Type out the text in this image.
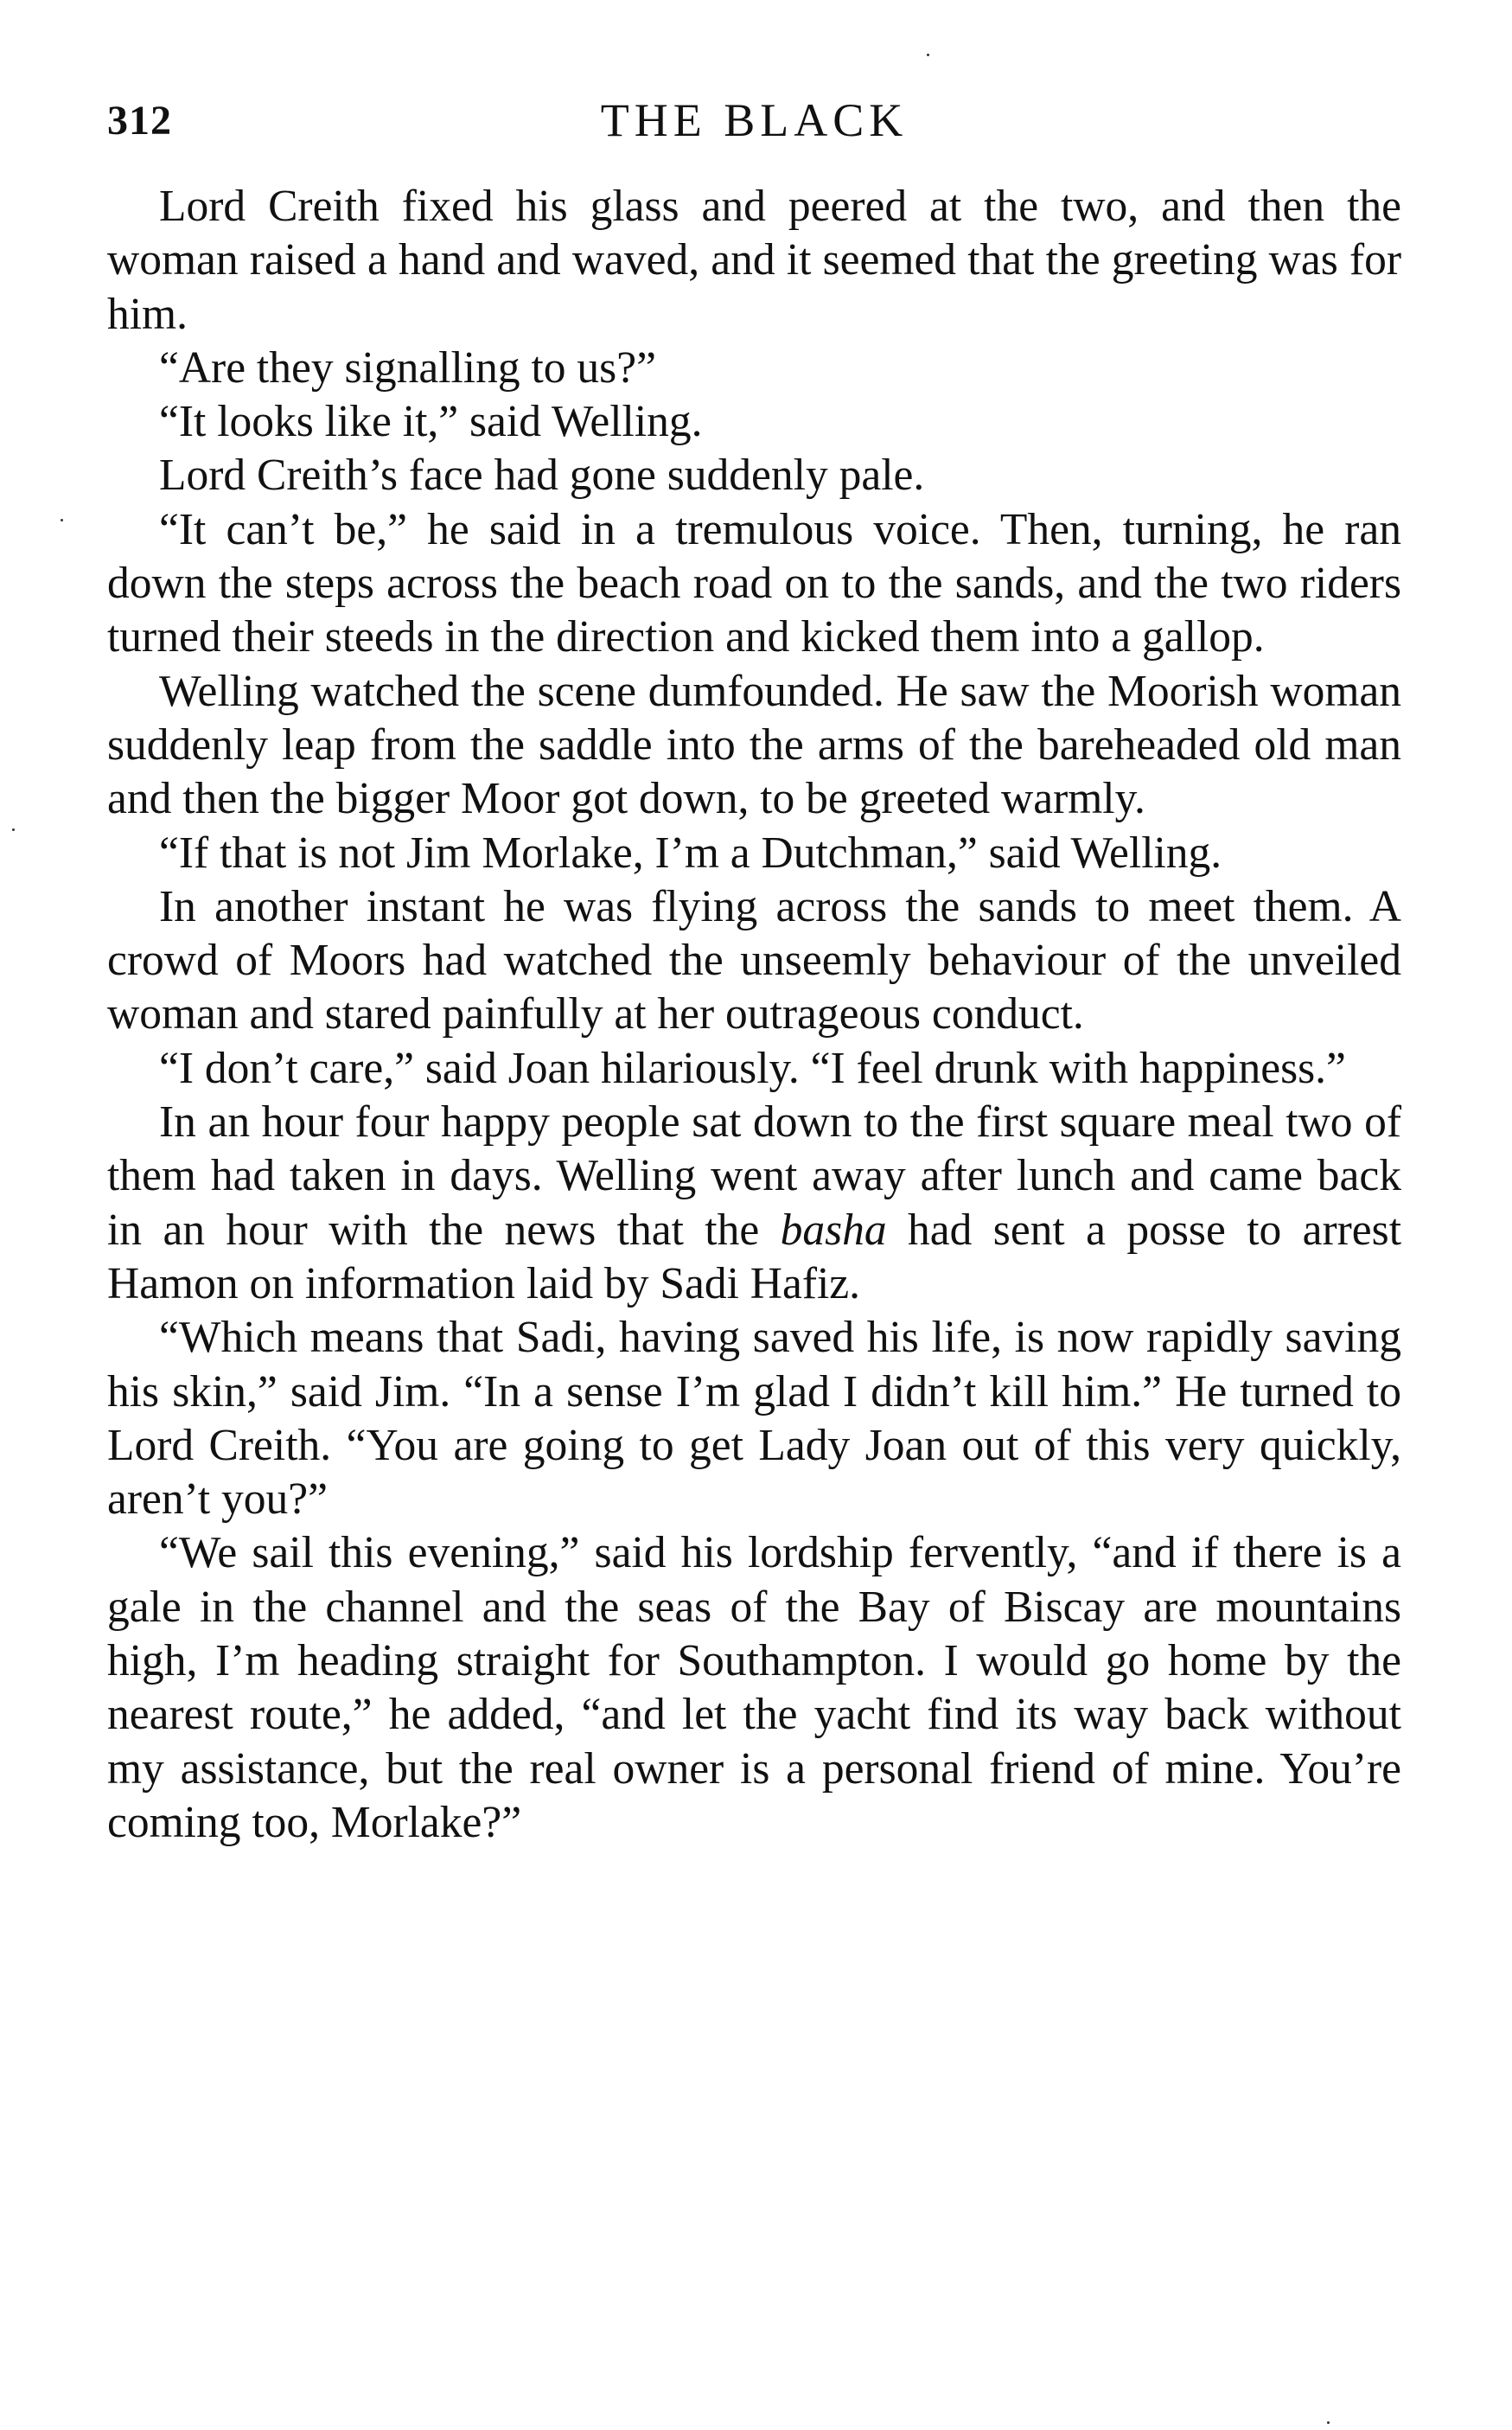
312	THE BLACK

Lord Creith fixed his glass and peered at the two, and then the woman raised a hand and waved, and it seemed that the greeting was for him.

“Are they signalling to us?”

“It looks like it,” said Welling.

Lord Creith’s face had gone suddenly pale.

“It can’t be,” he said in a tremulous voice. Then, turning, he ran down the steps across the beach road on to the sands, and the two riders turned their steeds in the direction and kicked them into a gallop.

Welling watched the scene dumfounded. He saw the Moorish woman suddenly leap from the saddle into the arms of the bareheaded old man and then the bigger Moor got down, to be greeted warmly.

“If that is not Jim Morlake, I’m a Dutchman,” said Welling.

In another instant he was flying across the sands to meet them. A crowd of Moors had watched the unseemly behaviour of the unveiled woman and stared painfully at her outrageous conduct.

“I don’t care,” said Joan hilariously. “I feel drunk with happiness.”

In an hour four happy people sat down to the first square meal two of them had taken in days. Welling went away after lunch and came back in an hour with the news that the basha had sent a posse to arrest Hamon on information laid by Sadi Hafiz.

“Which means that Sadi, having saved his life, is now rapidly saving his skin,” said Jim. “In a sense I’m glad I didn’t kill him.” He turned to Lord Creith. “You are going to get Lady Joan out of this very quickly, aren’t you?”

“We sail this evening,” said his lordship fervently, “and if there is a gale in the channel and the seas of the Bay of Biscay are mountains high, I’m heading straight for Southampton. I would go home by the nearest route,” he added, “and let the yacht find its way back without my assistance, but the real owner is a personal friend of mine. You’re coming too, Morlake?”
